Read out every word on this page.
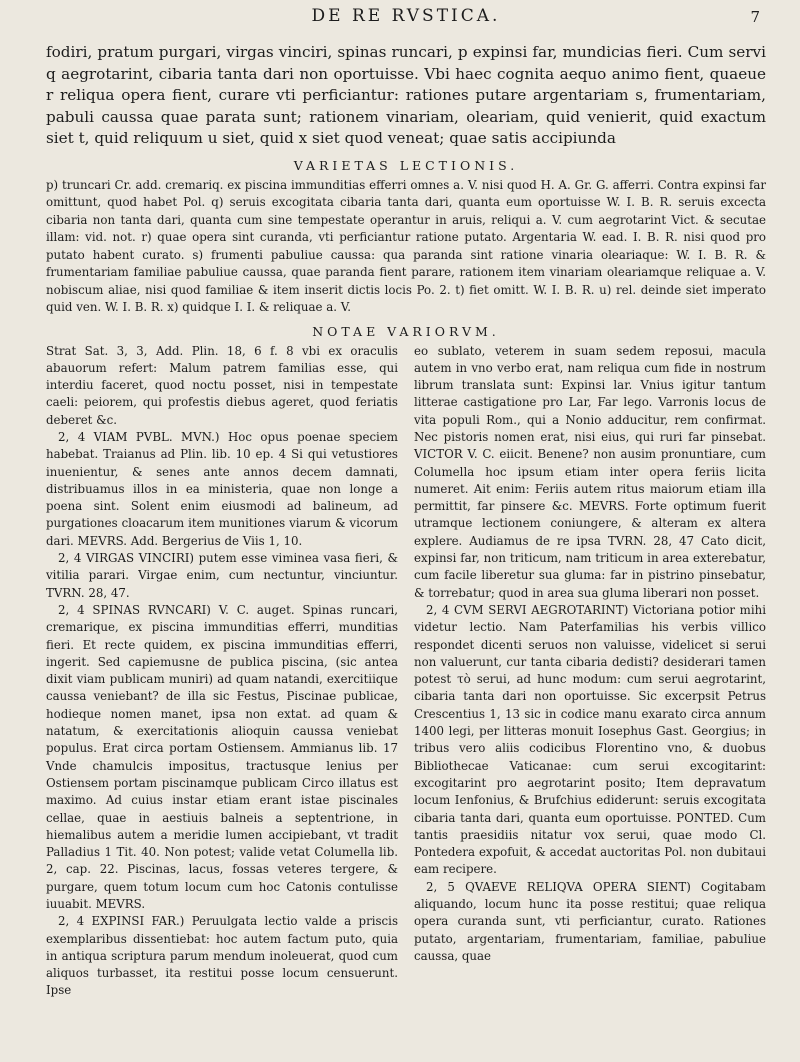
DE RE RVSTICA.	7

fodiri, pratum purgari, virgas vinciri, spinas runcari, p expinsi far, mundicias fieri. Cum servi q aegrotarint, cibaria tanta dari non oportuisse. Vbi haec cognita aequo animo fient, quaeue r reliqua opera fient, curare vti perficiantur: rationes putare argentariam s, frumentariam, pabuli caussa quae parata sunt; rationem vinariam, oleariam, quid venierit, quid exactum siet t, quid reliquum u siet, quid x siet quod veneat; quae satis accipiunda

VARIETAS LECTIONIS.

p) truncari Cr. add. cremariq. ex piscina immunditias efferri omnes a. V. nisi quod H. A. Gr. G. afferri. Contra expinsi far omittunt, quod habet Pol. q) seruis excogitata cibaria tanta dari, quanta eum oportuisse W. I. B. R. seruis excecta cibaria non tanta dari, quanta cum sine tempestate operantur in aruis, reliqui a. V. cum aegrotarint Vict. & secutae illam: vid. not. r) quae opera sint curanda, vti perficiantur ratione putato. Argentaria W. ead. I. B. R. nisi quod pro putato habent curato. s) frumenti pabuliue caussa: qua paranda sint ratione vinaria oleariaque: W. I. B. R. & frumentariam familiae pabuliue caussa, quae paranda fient parare, rationem item vinariam oleariamque reliquae a. V. nobiscum aliae, nisi quod familiae & item inserit dictis locis Po. 2. t) fiet omitt. W. I. B. R. u) rel. deinde siet imperato quid ven. W. I. B. R. x) quidque I. I. & reliquae a. V.

NOTAE VARIORVM.

Strat Sat. 3, 3, Add. Plin. 18, 6 f. 8 vbi ex oraculis abauorum refert: Malum patrem familias esse, qui interdiu faceret, quod noctu posset, nisi in tempestate caeli: peiorem, qui profestis diebus ageret, quod feriatis deberet &c.

2, 4 VIAM PVBL. MVN.) Hoc opus poenae speciem habebat. Traianus ad Plin. lib. 10 ep. 4 Si qui vetustiores inuenientur, & senes ante annos decem damnati, distribuamus illos in ea ministeria, quae non longe a poena sint. Solent enim eiusmodi ad balineum, ad purgationes cloacarum item munitiones viarum & vicorum dari. MEVRS. Add. Bergerius de Viis 1, 10.

2, 4 VIRGAS VINCIRI) putem esse viminea vasa fieri, & vitilia parari. Virgae enim, cum nectuntur, vinciuntur. TVRN. 28, 47.

2, 4 SPINAS RVNCARI) V. C. auget. Spinas runcari, cremarique, ex piscina immunditias efferri, munditias fieri. Et recte quidem, ex piscina immunditias efferri, ingerit. Sed capiemusne de publica piscina, (sic antea dixit viam publicam muniri) ad quam natandi, exercitiique caussa veniebant? de illa sic Festus, Piscinae publicae, hodieque nomen manet, ipsa non extat. ad quam & natatum, & exercitationis alioquin caussa veniebat populus. Erat circa portam Ostiensem. Ammianus lib. 17 Vnde chamulcis impositus, tractusque lenius per Ostiensem portam piscinamque publicam Circo illatus est maximo. Ad cuius instar etiam erant istae piscinales cellae, quae in aestiuis balneis a septentrione, in hiemalibus autem a meridie lumen accipiebant, vt tradit Palladius 1 Tit. 40. Non potest; valide vetat Columella lib. 2, cap. 22. Piscinas, lacus, fossas veteres tergere, & purgare, quem totum locum cum hoc Catonis contulisse iuuabit. MEVRS.

2, 4 EXPINSI FAR.) Peruulgata lectio valde a priscis exemplaribus dissentiebat: hoc autem factum puto, quia in antiqua scriptura parum mendum inoleuerat, quod cum aliquos turbasset, ita restitui posse locum censuerunt. Ipse

eo sublato, veterem in suam sedem reposui, macula autem in vno verbo erat, nam reliqua cum fide in nostrum librum translata sunt: Expinsi lar. Vnius igitur tantum litterae castigatione pro Lar, Far lego. Varronis locus de vita populi Rom., qui a Nonio adducitur, rem confirmat. Nec pistoris nomen erat, nisi eius, qui ruri far pinsebat. VICTOR V. C. eiicit. Benene? non ausim pronuntiare, cum Columella hoc ipsum etiam inter opera feriis licita numeret. Ait enim: Feriis autem ritus maiorum etiam illa permittit, far pinsere &c. MEVRS. Forte optimum fuerit utramque lectionem coniungere, & alteram ex altera explere. Audiamus de re ipsa TVRN. 28, 47 Cato dicit, expinsi far, non triticum, nam triticum in area exterebatur, cum facile liberetur sua gluma: far in pistrino pinsebatur, & torrebatur; quod in area sua gluma liberari non posset.

2, 4 CVM SERVI AEGROTARINT) Victoriana potior mihi videtur lectio. Nam Paterfamilias his verbis villico respondet dicenti seruos non valuisse, videlicet si serui non valuerunt, cur tanta cibaria dedisti? desiderari tamen potest τὸ serui, ad hunc modum: cum serui aegrotarint, cibaria tanta dari non oportuisse. Sic excerpsit Petrus Crescentius 1, 13 sic in codice manu exarato circa annum 1400 legi, per litteras monuit Iosephus Gast. Georgius; in tribus vero aliis codicibus Florentino vno, & duobus Bibliothecae Vaticanae: cum serui excogitarint: excogitarint pro aegrotarint posito; Item depravatum locum Ienfonius, & Brufchius ediderunt: seruis excogitata cibaria tanta dari, quanta eum oportuisse. PONTED. Cum tantis praesidiis nitatur vox serui, quae modo Cl. Pontedera expofuit, & accedat auctoritas Pol. non dubitaui eam recipere.

2, 5 QVAEVE RELIQVA OPERA SIENT) Cogitabam aliquando, locum hunc ita posse restitui; quae reliqua opera curanda sunt, vti perficiantur, curato. Rationes putato, argentariam, frumentariam, familiae, pabuliue caussa, quae
